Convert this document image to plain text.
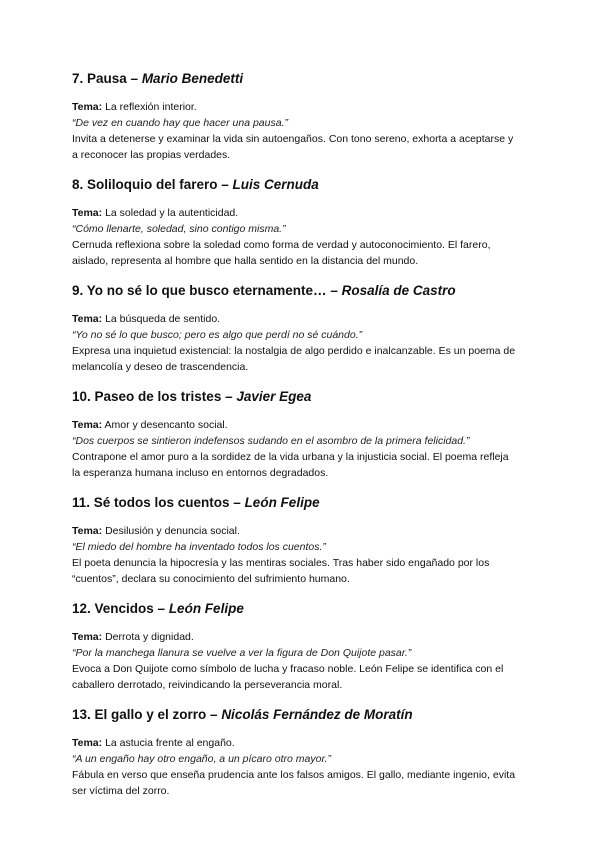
7. Pausa – Mario Benedetti

Tema: La reflexión interior.

“De vez en cuando hay que hacer una pausa.”

Invita a detenerse y examinar la vida sin autoengaños. Con tono sereno, exhorta a aceptarse y a reconocer las propias verdades.

8. Soliloquio del farero – Luis Cernuda

Tema: La soledad y la autenticidad.

“Cómo llenarte, soledad, sino contigo misma.”

Cernuda reflexiona sobre la soledad como forma de verdad y autoconocimiento. El farero, aislado, representa al hombre que halla sentido en la distancia del mundo.

9. Yo no sé lo que busco eternamente… – Rosalía de Castro

Tema: La búsqueda de sentido.

“Yo no sé lo que busco; pero es algo que perdí no sé cuándo.”

Expresa una inquietud existencial: la nostalgia de algo perdido e inalcanzable. Es un poema de melancolía y deseo de trascendencia.

10. Paseo de los tristes – Javier Egea

Tema: Amor y desencanto social.

“Dos cuerpos se sintieron indefensos sudando en el asombro de la primera felicidad.”

Contrapone el amor puro a la sordidez de la vida urbana y la injusticia social. El poema refleja la esperanza humana incluso en entornos degradados.

11. Sé todos los cuentos – León Felipe

Tema: Desilusión y denuncia social.

“El miedo del hombre ha inventado todos los cuentos.”

El poeta denuncia la hipocresía y las mentiras sociales. Tras haber sido engañado por los “cuentos”, declara su conocimiento del sufrimiento humano.

12. Vencidos – León Felipe

Tema: Derrota y dignidad.

“Por la manchega llanura se vuelve a ver la figura de Don Quijote pasar.”

Evoca a Don Quijote como símbolo de lucha y fracaso noble. León Felipe se identifica con el caballero derrotado, reivindicando la perseverancia moral.

13. El gallo y el zorro – Nicolás Fernández de Moratín

Tema: La astucia frente al engaño.

“A un engaño hay otro engaño, a un pícaro otro mayor.”

Fábula en verso que enseña prudencia ante los falsos amigos. El gallo, mediante ingenio, evita ser víctima del zorro.
